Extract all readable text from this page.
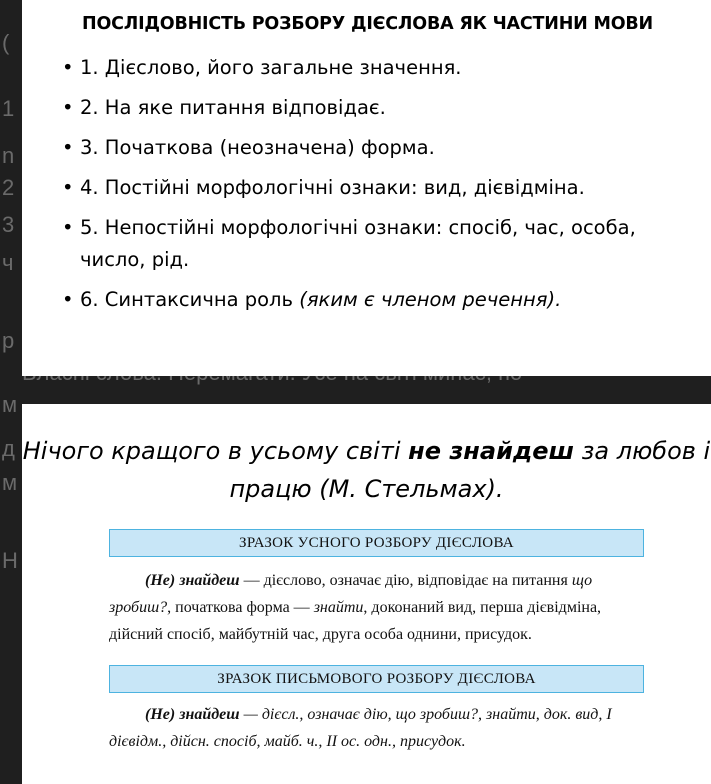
(
1
n
2
3
ч
р
м
д
м
Н
ПОСЛІДОВНІСТЬ РОЗБОРУ ДІЄСЛОВА ЯК ЧАСТИНИ МОВИ
• 1. Дієслово, його загальне значення.
• 2. На яке питання відповідає.
• 3. Початкова (неозначена) форма.
• 4. Постійні морфологічні ознаки: вид, дієвідміна.
• 5. Непостійні морфологічні ознаки: спосіб, час, особа, число, рід.
• 6. Синтаксична роль (яким є членом речення).
Нічого кращого в усьому світі не знайдеш за любов і працю (М. Стельмах).
ЗРАЗОК УСНОГО РОЗБОРУ ДІЄСЛОВА
(Не) знайдеш — дієслово, означає дію, відповідає на питання що зробиш?, початкова форма — знайти, доконаний вид, перша дієвідміна, дійсний спосіб, майбутній час, друга особа однини, присудок.
ЗРАЗОК ПИСЬМОВОГО РОЗБОРУ ДІЄСЛОВА
(Не) знайдеш — дієсл., означає дію, що зробиш?, знайти, док. вид, I дієвідм., дійсн. спосіб, майб. ч., II ос. одн., присудок.
